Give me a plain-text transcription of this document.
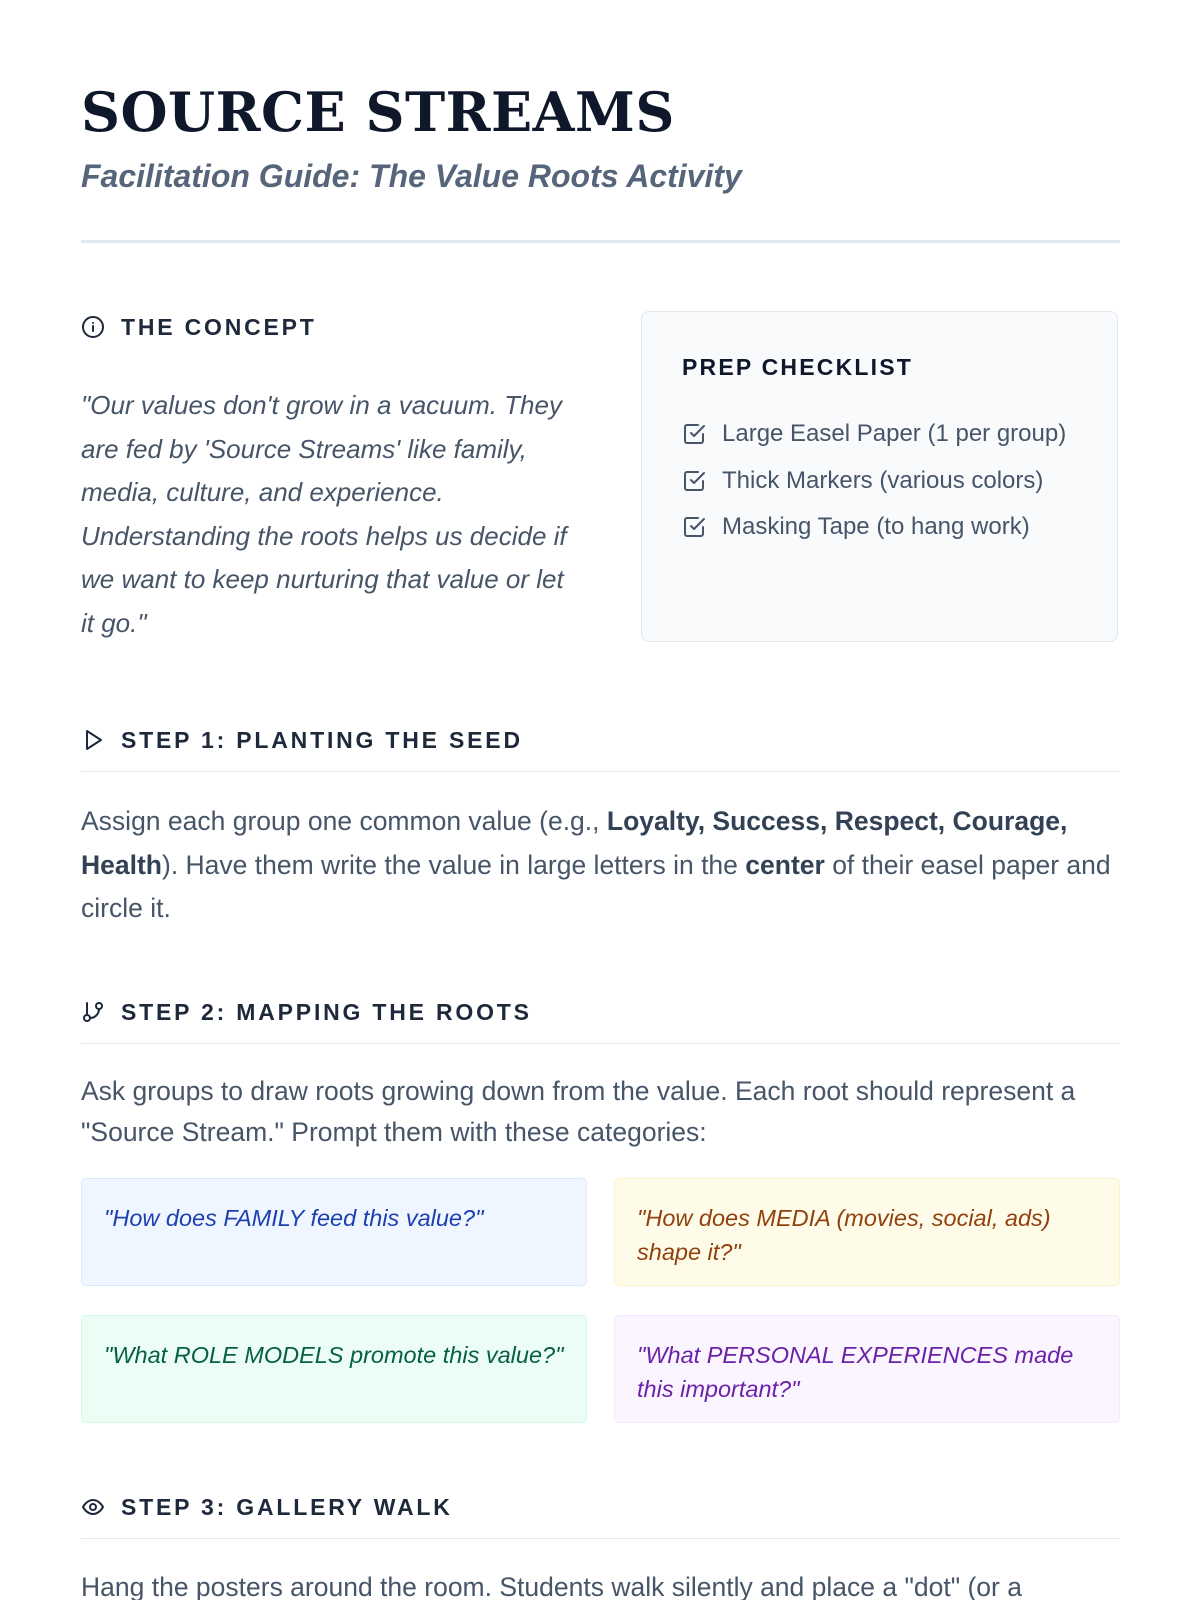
SOURCE STREAMS
Facilitation Guide: The Value Roots Activity
THE CONCEPT

"Our values don't grow in a vacuum. They are fed by 'Source Streams' like family, media, culture, and experience. Understanding the roots helps us decide if we want to keep nurturing that value or let it go."

PREP CHECKLIST
Large Easel Paper (1 per group)
Thick Markers (various colors)
Masking Tape (to hang work)
STEP 1: PLANTING THE SEED

Assign each group one common value (e.g., Loyalty, Success, Respect, Courage, Health). Have them write the value in large letters in the center of their easel paper and circle it.

STEP 2: MAPPING THE ROOTS

Ask groups to draw roots growing down from the value. Each root should represent a "Source Stream." Prompt them with these categories:

"How does FAMILY feed this value?"	"How does MEDIA (movies, social, ads) shape it?"
"What ROLE MODELS promote this value?"	"What PERSONAL EXPERIENCES made this important?"
STEP 3: GALLERY WALK

Hang the posters around the room. Students walk silently and place a "dot" (or a
